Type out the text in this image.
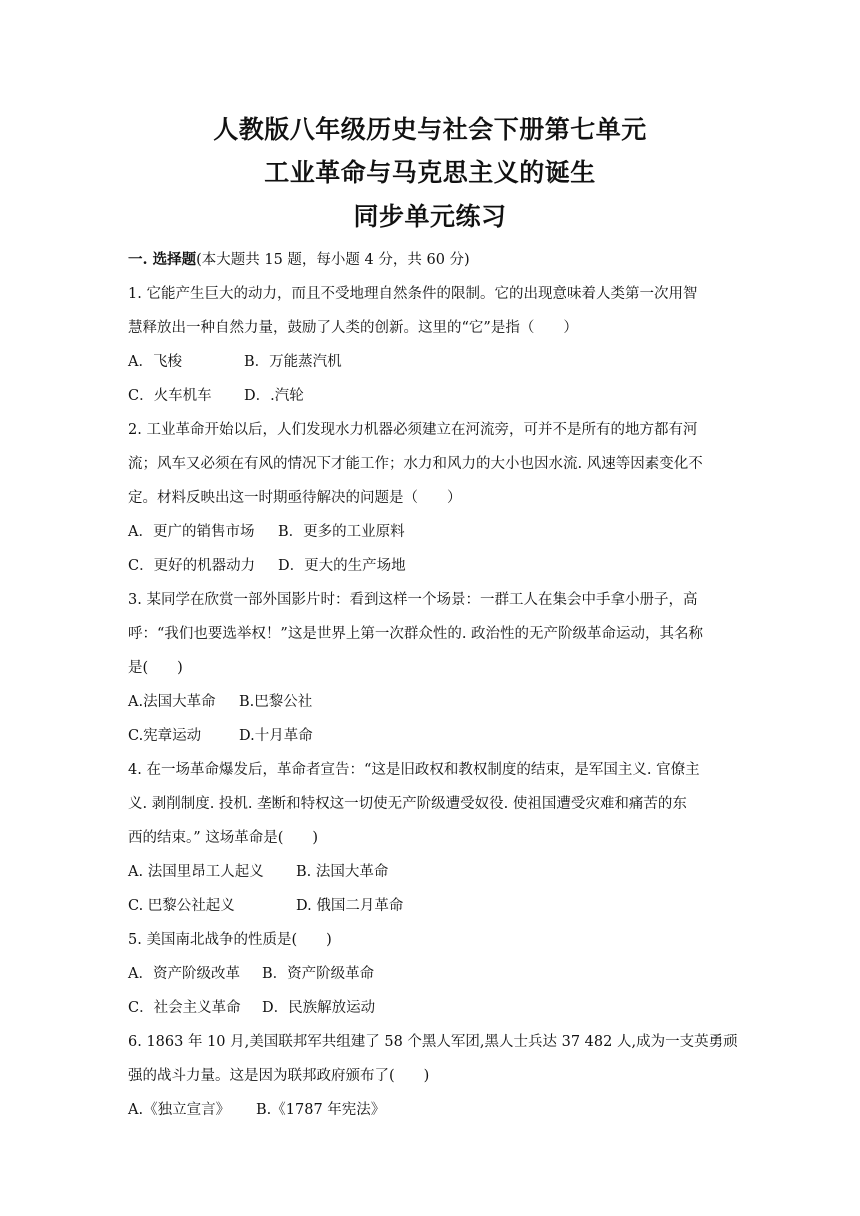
人教版八年级历史与社会下册第七单元
工业革命与马克思主义的诞生
同步单元练习
一. 选择题(本大题共 15 题，每小题 4 分，共 60 分)
1. 它能产生巨大的动力，而且不受地理自然条件的限制。它的出现意味着人类第一次用智
慧释放出一种自然力量，鼓励了人类的创新。这里的“它”是指（　　）
A．飞梭	B．万能蒸汽机
C．火车机车 D．.汽轮
2. 工业革命开始以后，人们发现水力机器必须建立在河流旁，可并不是所有的地方都有河
流；风车又必须在有风的情况下才能工作；水力和风力的大小也因水流. 风速等因素变化不
定。材料反映出这一时期亟待解决的问题是（　　）
A．更广的销售市场 B．更多的工业原料
C．更好的机器动力 D．更大的生产场地
3. 某同学在欣赏一部外国影片时：看到这样一个场景：一群工人在集会中手拿小册子，高
呼：“我们也要选举权！”这是世界上第一次群众性的. 政治性的无产阶级革命运动，其名称
是(　　)
A.法国大革命 B.巴黎公社
C.宪章运动	D.十月革命
4. 在一场革命爆发后，革命者宣告：“这是旧政权和教权制度的结束，是军国主义. 官僚主
义. 剥削制度. 投机. 垄断和特权这一切使无产阶级遭受奴役. 使祖国遭受灾难和痛苦的东
西的结束。” 这场革命是(　　)
A. 法国里昂工人起义 B. 法国大革命
C. 巴黎公社起义	D. 俄国二月革命
5. 美国南北战争的性质是(　　)
A．资产阶级改革 B．资产阶级革命
C．社会主义革命 D．民族解放运动
6. 1863 年 10 月,美国联邦军共组建了 58 个黑人军团,黑人士兵达 37 482 人,成为一支英勇顽
强的战斗力量。这是因为联邦政府颁布了(　　)
A.《独立宣言》 B.《1787 年宪法》
